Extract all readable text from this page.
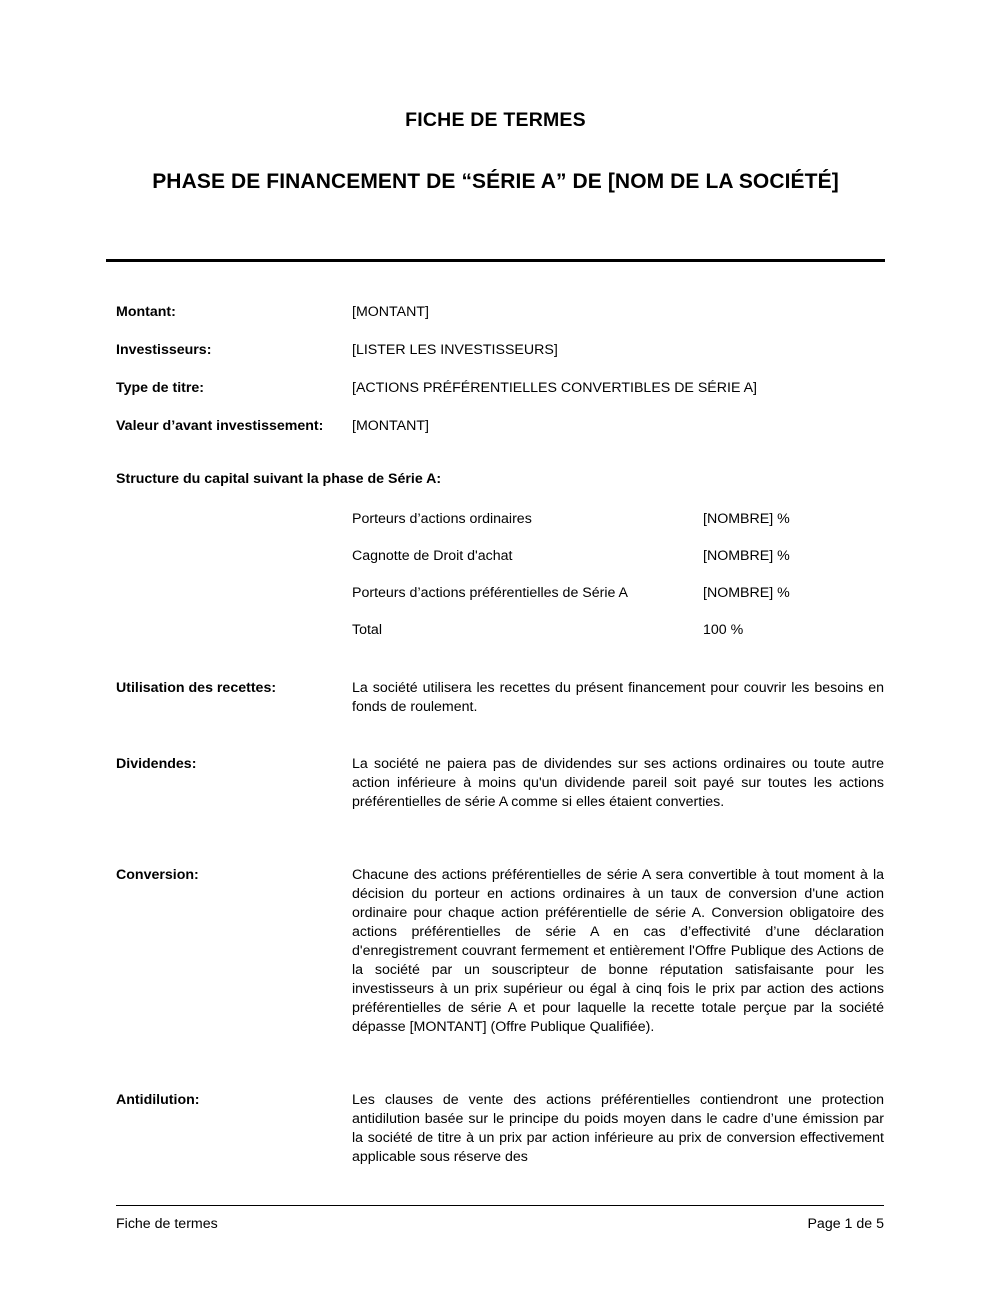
FICHE DE TERMES
PHASE DE FINANCEMENT DE “SÉRIE A” DE [NOM DE LA SOCIÉTÉ]
Montant:	[MONTANT]
Investisseurs:	[LISTER LES INVESTISSEURS]
Type de titre:	[ACTIONS PRÉFÉRENTIELLES CONVERTIBLES DE SÉRIE A]
Valeur d’avant investissement:	[MONTANT]
Structure du capital suivant la phase de Série A:
Porteurs d’actions ordinaires	[NOMBRE] %
Cagnotte de Droit d'achat	[NOMBRE] %
Porteurs d’actions préférentielles de Série A	[NOMBRE] %
Total	100 %
Utilisation des recettes:	La société utilisera les recettes du présent financement pour couvrir les besoins en fonds de roulement.
Dividendes:	La société ne paiera pas de dividendes sur ses actions ordinaires ou toute autre action inférieure à moins qu'un dividende pareil soit payé sur toutes les actions préférentielles de série A comme si elles étaient converties.
Conversion:	Chacune des actions préférentielles de série A sera convertible à tout moment à la décision du porteur en actions ordinaires à un taux de conversion d'une action ordinaire pour chaque action préférentielle de série A. Conversion obligatoire des actions préférentielles de série A en cas d’effectivité d’une déclaration d'enregistrement couvrant fermement et entièrement l'Offre Publique des Actions de la société par un souscripteur de bonne réputation satisfaisante pour les investisseurs à un prix supérieur ou égal à cinq fois le prix par action des actions préférentielles de série A et pour laquelle la recette totale perçue par la société dépasse [MONTANT] (Offre Publique Qualifiée).
Antidilution:	Les clauses de vente des actions préférentielles contiendront une protection antidilution basée sur le principe du poids moyen dans le cadre d’une émission par la société de titre à un prix par action inférieure au prix de conversion effectivement applicable sous réserve des
Fiche de termes	Page 1 de 5
